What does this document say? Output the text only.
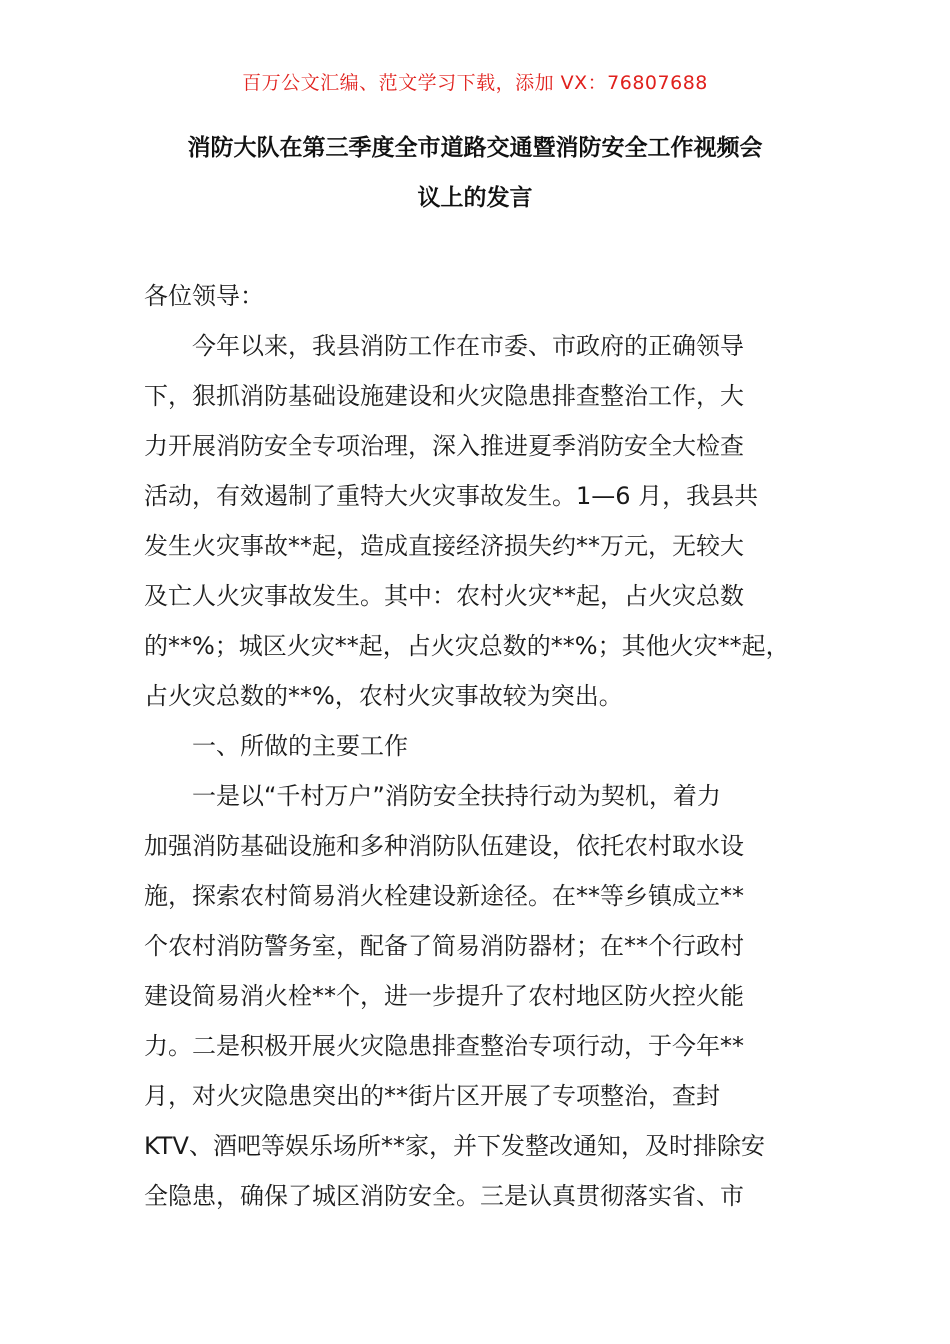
百万公文汇编、范文学习下载，添加 VX：76807688
消防大队在第三季度全市道路交通暨消防安全工作视频会
议上的发言
各位领导：
　　今年以来，我县消防工作在市委、市政府的正确领导
下，狠抓消防基础设施建设和火灾隐患排查整治工作，大
力开展消防安全专项治理，深入推进夏季消防安全大检查
活动，有效遏制了重特大火灾事故发生。1—6 月，我县共
发生火灾事故**起，造成直接经济损失约**万元，无较大
及亡人火灾事故发生。其中：农村火灾**起，占火灾总数
的**%；城区火灾**起，占火灾总数的**%；其他火灾**起，
占火灾总数的**%，农村火灾事故较为突出。
　　一、所做的主要工作
　　一是以“千村万户”消防安全扶持行动为契机，着力
加强消防基础设施和多种消防队伍建设，依托农村取水设
施，探索农村简易消火栓建设新途径。在**等乡镇成立**
个农村消防警务室，配备了简易消防器材；在**个行政村
建设简易消火栓**个，进一步提升了农村地区防火控火能
力。二是积极开展火灾隐患排查整治专项行动，于今年**
月，对火灾隐患突出的**街片区开展了专项整治，查封
KTV、酒吧等娱乐场所**家，并下发整改通知，及时排除安
全隐患，确保了城区消防安全。三是认真贯彻落实省、市
